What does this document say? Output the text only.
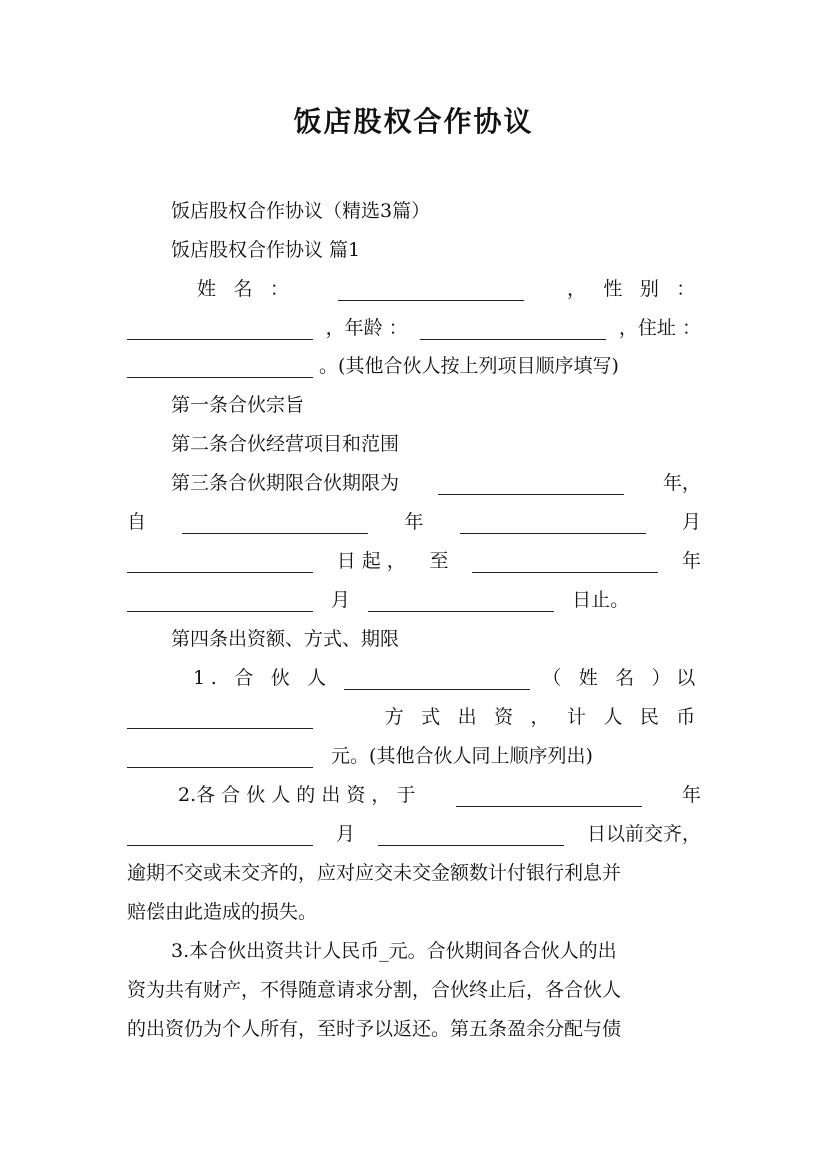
饭店股权合作协议
饭店股权合作协议（精选3篇）
饭店股权合作协议 篇1
姓 名 ：	， 性 别 ：
，年龄 ：	，住址 ：
。(其他合伙人按上列项目顺序填写)
第一条合伙宗旨
第二条合伙经营项目和范围
第三条合伙期限合伙期限为	年，
自	年	月
日 起 ， 至	年
月	日止。
第四条出资额、方式、期限
1. 合 伙 人	（ 姓 名 ）以
方 式 出 资 ， 计 人 民 币
元。(其他合伙人同上顺序列出)
2.各 合 伙 人 的 出 资 ， 于	年
月	日以前交齐，
逾期不交或未交齐的，应对应交未交金额数计付银行利息并
赔偿由此造成的损失。
3.本合伙出资共计人民币_元。合伙期间各合伙人的出
资为共有财产，不得随意请求分割，合伙终止后，各合伙人
的出资仍为个人所有，至时予以返还。第五条盈余分配与债
